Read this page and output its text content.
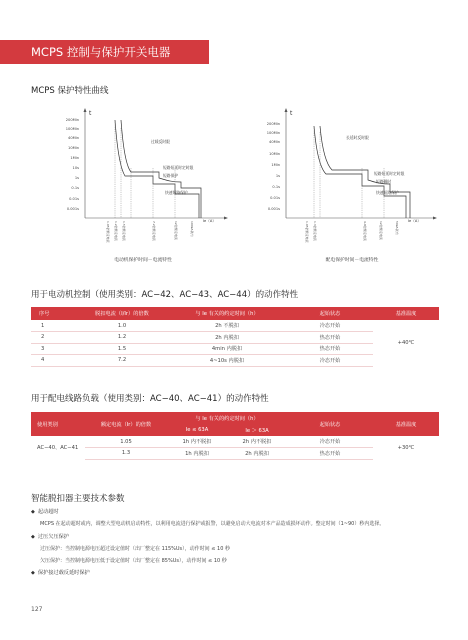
MCPS 控制与保护开关电器
MCPS 保护特性曲线
t
200Min
100Min
40Min
10Min
1Min
10s
1s
0.1s
0.01s
0.001s
过载反时限
短路短延时定时限
短路保护
快速短路保护
Ie（A）
1.05倍额定电流	1.2倍额定电流	1.5倍额定电流	7.2倍额定电流	12倍额定电流	100kA以内
电动机保护时间－电流特性
t
200Min
100Min
40Min
10Min
1Min
1s
0.1s
0.01s
0.001s
长延时反时限
短路短延时定时限
短路瞬时
快速短路保护
Ie（A）
1.05倍额定电流	1.3倍额定电流	4-8倍额定电流	12倍额定电流	50kA以内
配电保护时间－电流特性
用于电动机控制（使用类别：AC−42、AC−43、AC−44）的动作特性
序号	脱扣电流（I/Ir）的倍数	与 Ie 有关的约定时间（h）	起始状态	基准温度
1	1.0	2h 不脱扣	冷态开始	+40℃
2	1.2	2h 内脱扣	热态开始	
3	1.5	4min 内脱扣	热态开始	
4	7.2	4~10s 内脱扣	冷态开始	
用于配电线路负载（使用类别：AC−40、AC−41）的动作特性
使用类别	额定电流（Ir）的倍数	与 Ie 有关的约定时间（h）		起始状态	基准温度
		Ie ≤ 63A	Ie ＞ 63A		
AC−40、AC−41	1.05	1h 内不脱扣	2h 内不脱扣	冷态开始	+30℃
	1.3	1h 内脱扣	2h 内脱扣	热态开始	
智能脱扣器主要技术参数
◆ 起动超时
MCPS 在起动超时或内，调整大型电动机启动特性，以利用电流进行保护或报警，以避免启动大电流对本产品造成损坏动作。整定时间（1~90）秒内选择。
◆ 过压欠压保护
过压保护：当控制电源电压超过设定值时（出厂整定在 115%Us），动作时间 ≤ 10 秒
欠压保护：当控制电源电压低于设定值时（出厂整定在 85%Us），动作时间 ≤ 10 秒
◆ 保护接过载反延时保护
127
